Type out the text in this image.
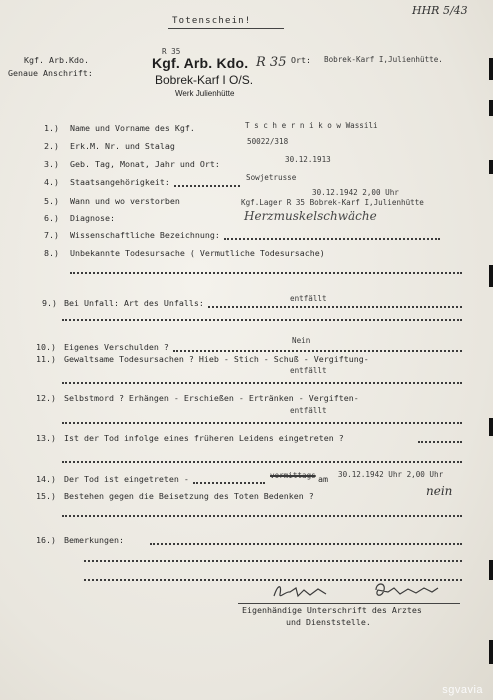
HHR 5/43
Totenschein!
Kgf. Arb.Kdo.
R 35
Ort: Bobrek-Karf I,Julienhütte.
Genaue Anschrift:
Kgf. Arb. Kdo. R 35
Bobrek-Karf I O/S.
Werk Julienhütte
1.) Name und Vorname des Kgf.	T s c h e r n i k o w Wassili
2.) Erk.M. Nr. und Stalag	50022/318
3.) Geb. Tag, Monat, Jahr und Ort:	30.12.1913
4.) Staatsangehörigkeit:	Sowjetrusse
5.) Wann und wo verstorben
30.12.1942 2,00 Uhr
Kgf.Lager R 35 Bobrek-Karf I,Julienhütte
6.) Diagnose:	Herzmuskelschwäche
7.) Wissenschaftliche Bezeichnung:
8.) Unbekannte Todesursache ( Vermutliche Todesursache)
9.) Bei Unfall: Art des Unfalls:	entfällt
10.) Eigenes Verschulden ?
Nein
11.) Gewaltsame Todesursachen ? Hieb - Stich - Schuß - Vergiftung-
entfällt
12.) Selbstmord ? Erhängen - Erschießen - Ertränken - Vergiften-
entfällt
13.) Ist der Tod infolge eines früheren Leidens eingetreten ?
14.) Der Tod ist eingetreten -	vormittags am 30.12.1942 Uhr 2,00 Uhr
15.) Bestehen gegen die Beisetzung des Toten Bedenken ?	nein
16.) Bemerkungen:
Eigenhändige Unterschrift des Arztes
und Dienststelle.
sgvavia
